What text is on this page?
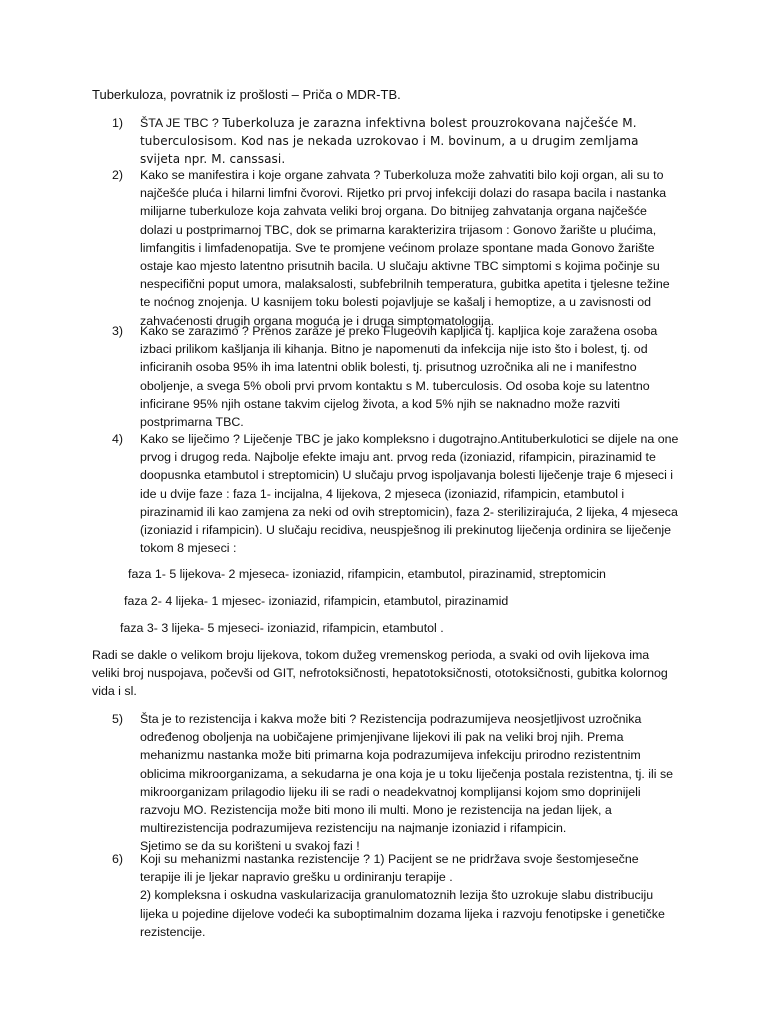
Tuberkuloza, povratnik iz prošlosti – Priča o MDR-TB.
1)	ŠTA JE TBC ? Tuberkoluza je zarazna infektivna bolest prouzrokovana najčešće M. tuberculosisom. Kod nas je nekada uzrokovao i M. bovinum, a u drugim zemljama svijeta npr. M. canssasi.
2)	Kako se manifestira i koje organe zahvata ? Tuberkoluza može zahvatiti bilo koji organ, ali su to najčešće pluća i hilarni limfni čvorovi. Rijetko pri prvoj infekciji dolazi do rasapa bacila i nastanka milijarne tuberkuloze koja zahvata veliki broj organa. Do bitnijeg zahvatanja organa najčešće dolazi u postprimarnoj TBC, dok se primarna karakterizira trijasom : Gonovo žarište u plućima, limfangitis i limfadenopatija. Sve te promjene većinom prolaze spontane mada Gonovo žarište ostaje kao mjesto latentno prisutnih bacila. U slučaju aktivne TBC simptomi s kojima počinje su nespecifični poput umora, malaksalosti, subfebrilnih temperatura, gubitka apetita i tjelesne težine te noćnog znojenja. U kasnijem toku bolesti pojavljuje se kašalj i hemoptize, a u zavisnosti od zahvaćenosti drugih organa moguća je i druga simptomatologija.
3)	Kako se zarazimo ? Prenos zaraze je preko Flugeovih kapljica tj. kapljica koje zaražena osoba izbaci prilikom kašljanja ili kihanja. Bitno je napomenuti da infekcija nije isto što i bolest, tj. od inficiranih osoba 95% ih ima latentni oblik bolesti, tj. prisutnog uzročnika ali ne i manifestno oboljenje, a svega 5% oboli prvi prvom kontaktu s M. tuberculosis. Od osoba koje su latentno inficirane 95% njih ostane takvim cijelog života, a kod 5% njih se naknadno može razviti postprimarna TBC.
4)	Kako se liječimo ? Liječenje TBC je jako kompleksno i dugotrajno.Antituberkulotici se dijele na one prvog i drugog reda. Najbolje efekte imaju ant. prvog reda (izoniazid, rifampicin, pirazinamid te doopusnka etambutol i streptomicin) U slučaju prvog ispoljavanja bolesti liječenje traje 6 mjeseci i ide u dvije faze : faza 1- incijalna, 4 lijekova, 2 mjeseca (izoniazid, rifampicin, etambutol i pirazinamid ili kao zamjena za neki od ovih streptomicin), faza 2- sterilizirajuća, 2 lijeka, 4 mjeseca (izoniazid i rifampicin). U slučaju recidiva, neuspješnog ili prekinutog liječenja ordinira se liječenje tokom 8 mjeseci :
faza 1- 5 lijekova- 2 mjeseca- izoniazid, rifampicin, etambutol, pirazinamid, streptomicin
faza 2- 4 lijeka- 1 mjesec- izoniazid, rifampicin, etambutol, pirazinamid
faza 3- 3 lijeka- 5 mjeseci- izoniazid, rifampicin, etambutol .
Radi se dakle o velikom broju lijekova, tokom dužeg vremenskog perioda, a svaki od ovih lijekova ima veliki broj nuspojava, počevši od GIT, nefrotoksičnosti, hepatotoksičnosti, ototoksičnosti, gubitka kolornog vida i sl.
5)	Šta je to rezistencija i kakva može biti ? Rezistencija podrazumijeva neosjetljivost uzročnika određenog oboljenja na uobičajene primjenjivane lijekovi ili pak na veliki broj njih. Prema mehanizmu nastanka može biti primarna koja podrazumijeva infekciju prirodno rezistentnim oblicima mikroorganizama, a sekudarna je ona koja je u toku liječenja postala rezistentna, tj. ili se mikroorganizam prilagodio lijeku ili se radi o neadekvatnoj komplijansi kojom smo doprinijeli razvoju MO. Rezistencija može biti mono ili multi. Mono je rezistencija na jedan lijek, a multirezistencija podrazumijeva rezistenciju na najmanje izoniazid i rifampicin.
Sjetimo se da su korišteni u svakoj fazi !
6)	Koji su mehanizmi nastanka rezistencije ? 1) Pacijent se ne pridržava svoje šestomjesečne terapije ili je ljekar napravio grešku u ordiniranju terapije .
2) kompleksna i oskudna vaskularizacija granulomatoznih lezija što uzrokuje slabu distribuciju lijeka u pojedine dijelove vodeći ka suboptimalnim dozama lijeka i razvoju fenotipske i genetičke rezistencije.
